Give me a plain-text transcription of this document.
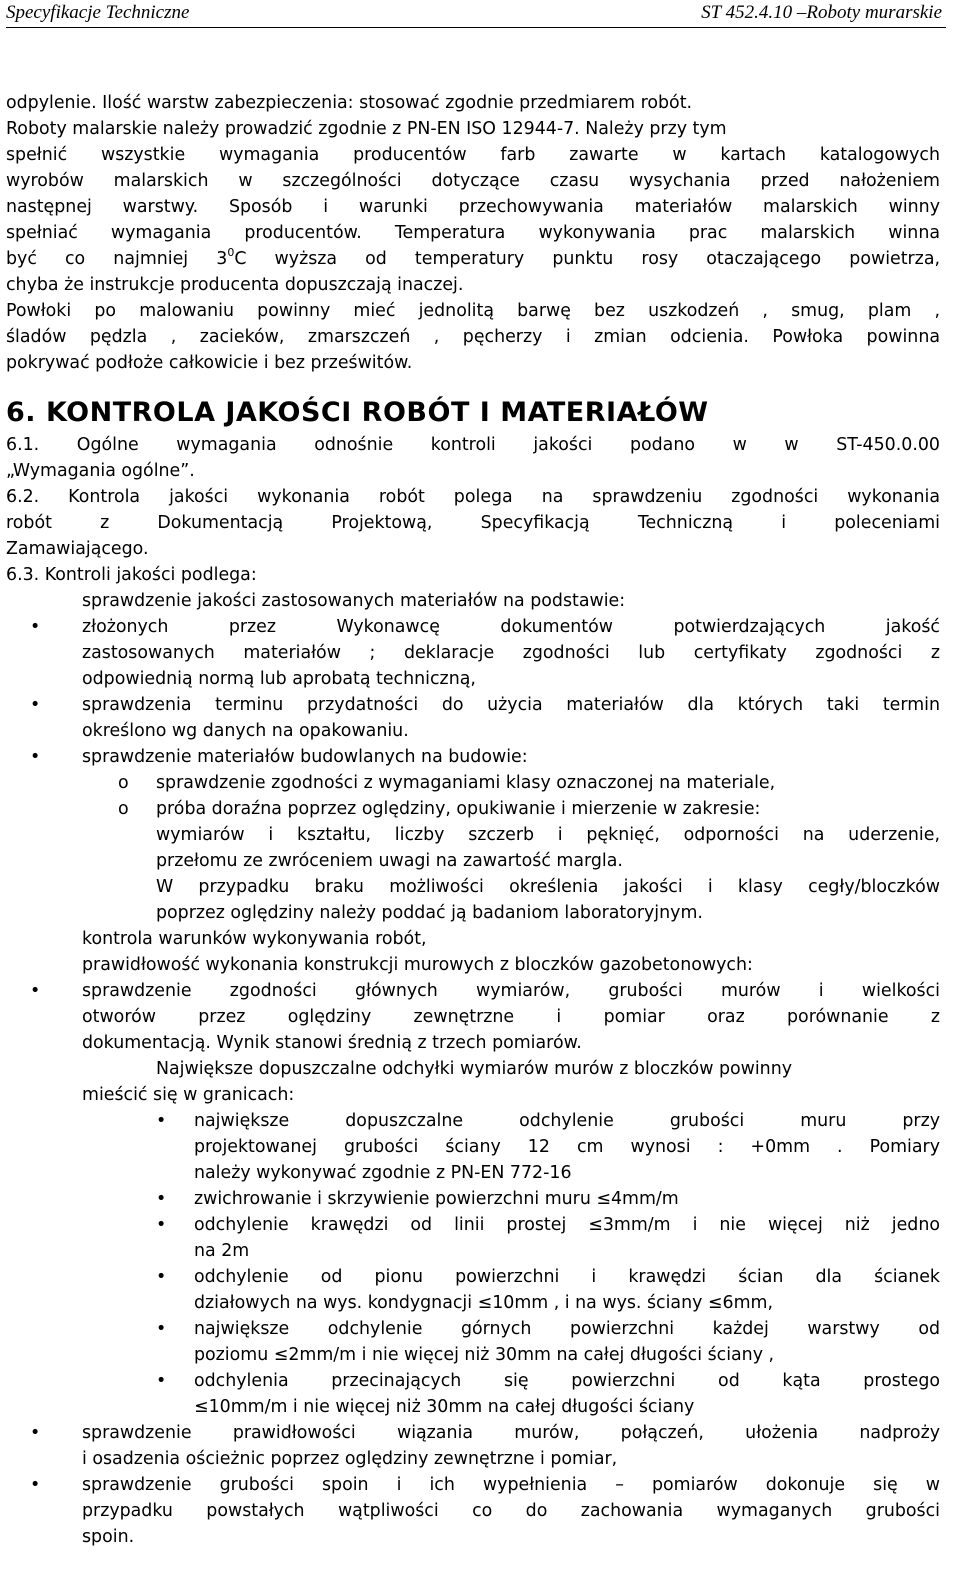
Specyfikacje Techniczne	ST 452.4.10 –Roboty murarskie

odpylenie. Ilość warstw zabezpieczenia: stosować zgodnie przedmiarem robót.

Roboty malarskie należy prowadzić zgodnie z PN-EN ISO 12944-7. Należy przy tym

spełnić wszystkie wymagania producentów farb zawarte w kartach katalogowych

wyrobów malarskich w szczególności dotyczące czasu wysychania przed nałożeniem

następnej warstwy. Sposób i warunki przechowywania materiałów malarskich winny

spełniać wymagania producentów. Temperatura wykonywania prac malarskich winna

być co najmniej $3^0C$ wyższa od temperatury punktu rosy otaczającego powietrza,

chyba że instrukcje producenta dopuszczają inaczej.

Powłoki po malowaniu powinny mieć jednolitą barwę bez uszkodzeń , smug, plam ,

śladów pędzla , zacieków, zmarszczeń , pęcherzy i zmian odcienia. Powłoka powinna

pokrywać podłoże całkowicie i bez prześwitów.

6. KONTROLA JAKOŚCI ROBÓT I MATERIAŁÓW

6.1. Ogólne wymagania odnośnie kontroli jakości podano w w ST-450.0.00

„Wymagania ogólne”.

6.2. Kontrola jakości wykonania robót polega na sprawdzeniu zgodności wykonania

robót z Dokumentacją Projektową, Specyfikacją Techniczną i poleceniami

Zamawiającego.

6.3. Kontroli jakości podlega:

sprawdzenie jakości zastosowanych materiałów na podstawie:

• złożonych przez Wykonawcę dokumentów potwierdzających jakość

zastosowanych materiałów ; deklaracje zgodności lub certyfikaty zgodności z

odpowiednią normą lub aprobatą techniczną,

• sprawdzenia terminu przydatności do użycia materiałów dla których taki termin

określono wg danych na opakowaniu.

• sprawdzenie materiałów budowlanych na budowie:

o sprawdzenie zgodności z wymaganiami klasy oznaczonej na materiale,

o próba doraźna poprzez oględziny, opukiwanie i mierzenie w zakresie:

wymiarów i kształtu, liczby szczerb i pęknięć, odporności na uderzenie,

przełomu ze zwróceniem uwagi na zawartość margla.

W przypadku braku możliwości określenia jakości i klasy cegły/bloczków

poprzez oględziny należy poddać ją badaniom laboratoryjnym.

kontrola warunków wykonywania robót,

prawidłowość wykonania konstrukcji murowych z bloczków gazobetonowych:

• sprawdzenie zgodności głównych wymiarów, grubości murów i wielkości

otworów przez oględziny zewnętrzne i pomiar oraz porównanie z

dokumentacją. Wynik stanowi średnią z trzech pomiarów.

Największe dopuszczalne odchyłki wymiarów murów z bloczków powinny

mieścić się w granicach:

• największe dopuszczalne odchylenie grubości muru przy

projektowanej grubości ściany 12 cm wynosi : +0mm . Pomiary

należy wykonywać zgodnie z PN-EN 772-16

• zwichrowanie i skrzywienie powierzchni muru ≤4mm/m

• odchylenie krawędzi od linii prostej ≤3mm/m i nie więcej niż jedno

na 2m

• odchylenie od pionu powierzchni i krawędzi ścian dla ścianek

działowych na wys. kondygnacji ≤10mm , i na wys. ściany ≤6mm,

• największe odchylenie górnych powierzchni każdej warstwy od

poziomu ≤2mm/m i nie więcej niż 30mm na całej długości ściany ,

• odchylenia przecinających się powierzchni od kąta prostego

≤10mm/m i nie więcej niż 30mm na całej długości ściany

• sprawdzenie prawidłowości wiązania murów, połączeń, ułożenia nadproży

i osadzenia ościeżnic poprzez oględziny zewnętrzne i pomiar,

• sprawdzenie grubości spoin i ich wypełnienia – pomiarów dokonuje się w

przypadku powstałych wątpliwości co do zachowania wymaganych grubości

spoin.
